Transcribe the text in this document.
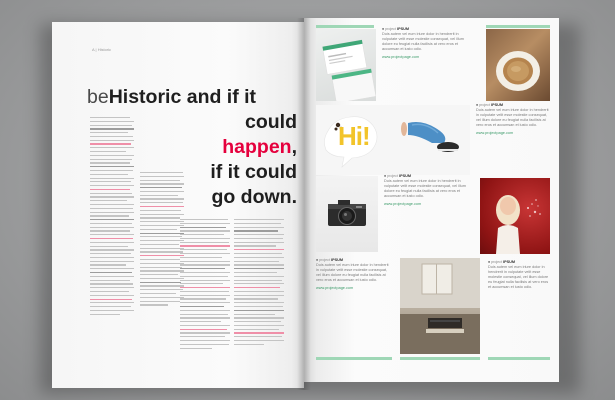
A | Historic
beHistoric and if it
could
happen,
if it could
go down.
■ project IPSUM
Duis autem vel eum iriure dolor in hendrerit in vulputate velit esse molestie consequat, vel illum dolore eu feugiat nulla facilisis at vero eros et accumsan et iusto odio.
www.projectpage.com
Hi!
■ project IPSUM
Duis autem vel eum iriure dolor in hendrerit in vulputate velit esse molestie consequat, vel illum dolore eu feugiat nulla facilisis at vero eros et accumsan et iusto odio.
www.projectpage.com
■ project IPSUM
Duis autem vel eum iriure dolor in hendrerit in vulputate velit esse molestie consequat, vel illum dolore eu feugiat nulla facilisis at vero eros et accumsan et iusto odio.
www.projectpage.com
■ project IPSUM
Duis autem vel eum iriure dolor in hendrerit in vulputate velit esse molestie consequat, vel illum dolore eu feugiat nulla facilisis at vero eros et accumsan et iusto odio.
www.projectpage.com
■ project IPSUM
Duis autem vel eum iriure dolor in hendrerit in vulputate velit esse molestie consequat, vel illum dolore eu feugiat nulla facilisis at vero eros et accumsan et iusto odio.
